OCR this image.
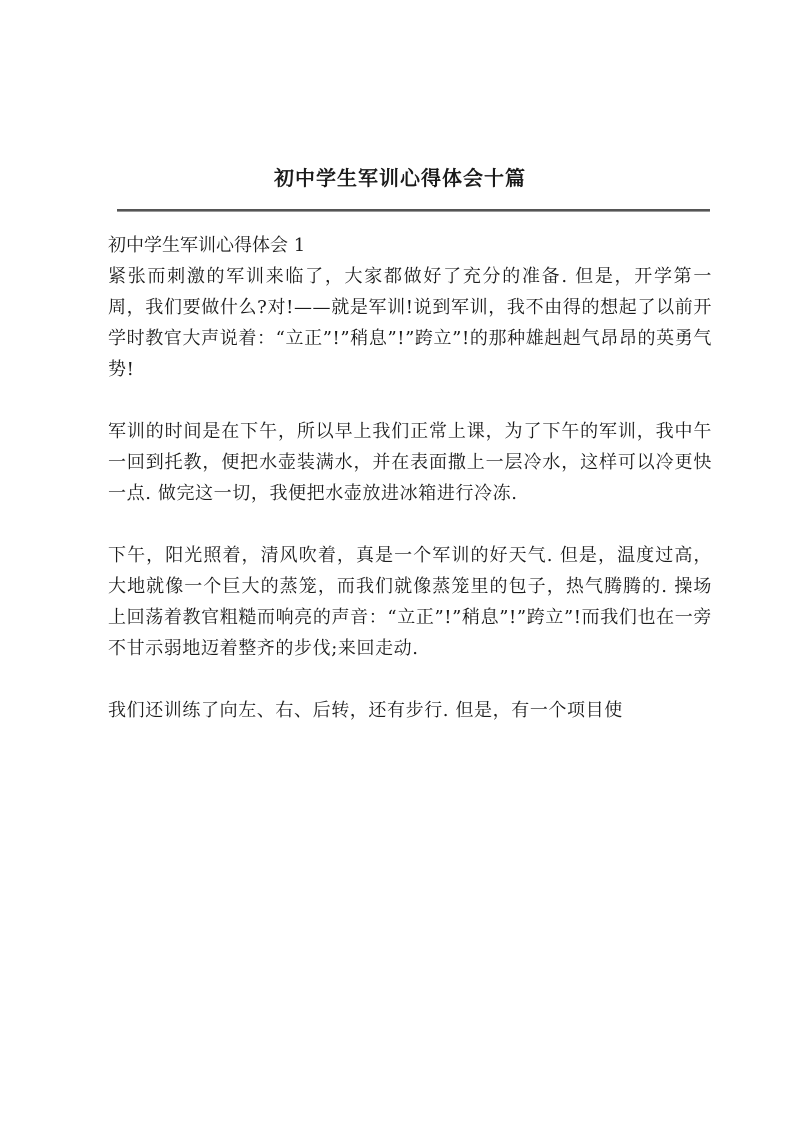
初中学生军训心得体会十篇

初中学生军训心得体会 1

紧张而刺激的军训来临了，大家都做好了充分的准备. 但是，开学第一周，我们要做什么?对!——就是军训!说到军训，我不由得的想起了以前开学时教官大声说着：“立正”!”稍息”!”跨立”!的那种雄赳赳气昂昂的英勇气势!

军训的时间是在下午，所以早上我们正常上课，为了下午的军训，我中午一回到托教，便把水壶装满水，并在表面撒上一层冷水，这样可以冷更快一点. 做完这一切，我便把水壶放进冰箱进行冷冻.

下午，阳光照着，清风吹着，真是一个军训的好天气. 但是，温度过高，大地就像一个巨大的蒸笼，而我们就像蒸笼里的包子，热气腾腾的. 操场上回荡着教官粗糙而响亮的声音：“立正”!”稍息”!”跨立”!而我们也在一旁不甘示弱地迈着整齐的步伐;来回走动.

我们还训练了向左、右、后转，还有步行. 但是，有一个项目使
